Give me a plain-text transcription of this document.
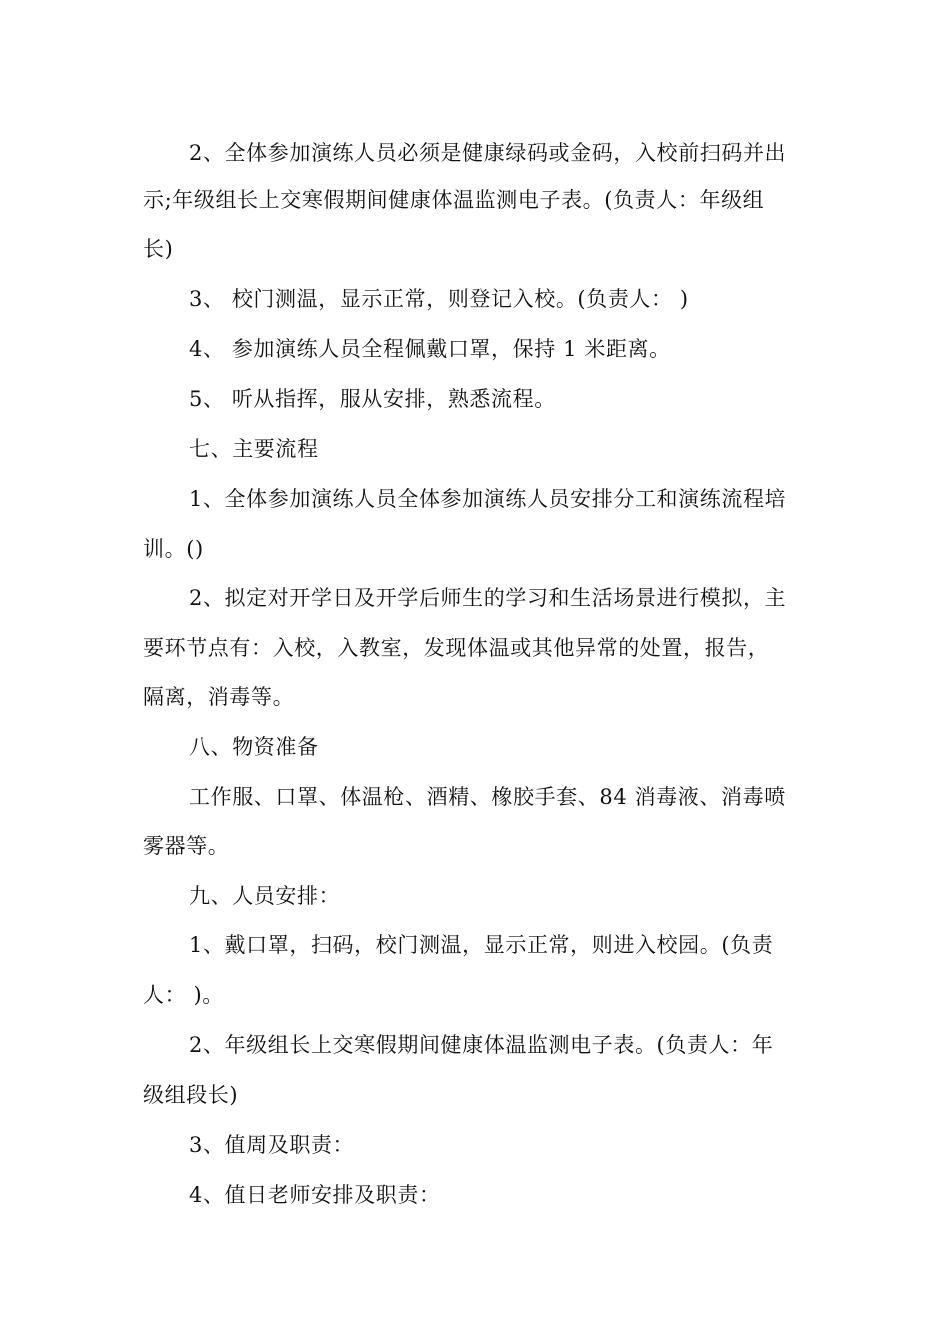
2、全体参加演练人员必须是健康绿码或金码，入校前扫码并出
示;年级组长上交寒假期间健康体温监测电子表。(负责人：年级组
长)
3、 校门测温，显示正常，则登记入校。(负责人： )
4、 参加演练人员全程佩戴口罩，保持 1 米距离。
5、 听从指挥，服从安排，熟悉流程。
七、主要流程
1、全体参加演练人员全体参加演练人员安排分工和演练流程培
训。()
2、拟定对开学日及开学后师生的学习和生活场景进行模拟，主
要环节点有：入校，入教室，发现体温或其他异常的处置，报告，
隔离，消毒等。
八、物资准备
工作服、口罩、体温枪、酒精、橡胶手套、84 消毒液、消毒喷
雾器等。
九、人员安排：
1、戴口罩，扫码，校门测温，显示正常，则进入校园。(负责
人： )。
2、年级组长上交寒假期间健康体温监测电子表。(负责人：年
级组段长)
3、值周及职责：
4、值日老师安排及职责：
